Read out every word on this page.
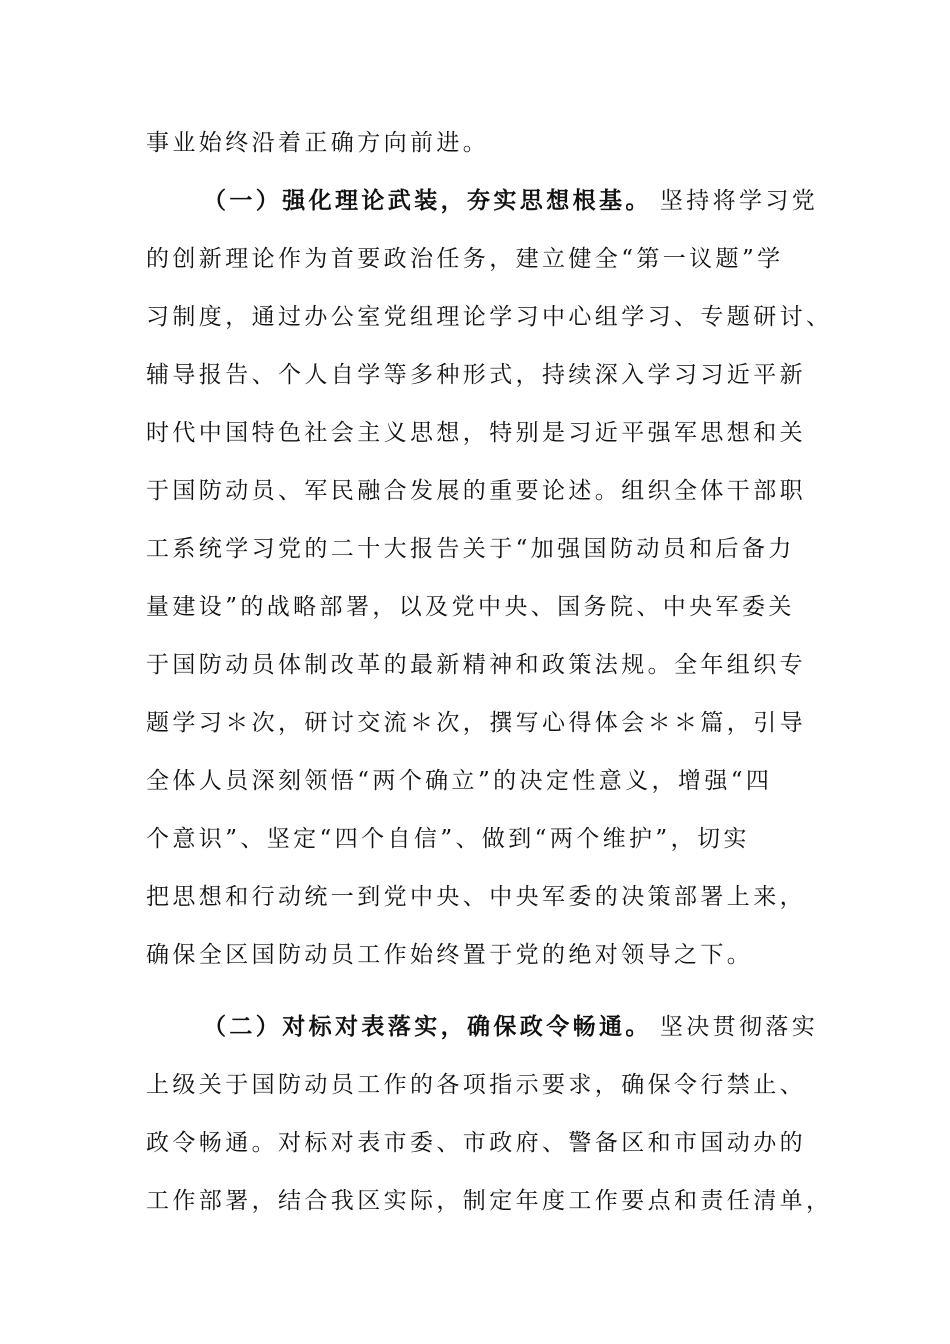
事业始终沿着正确方向前进。
（一）强化理论武装，夯实思想根基。 坚持将学习党
的创新理论作为首要政治任务，建立健全“第一议题”学
习制度，通过办公室党组理论学习中心组学习、专题研讨、
辅导报告、个人自学等多种形式，持续深入学习习近平新
时代中国特色社会主义思想，特别是习近平强军思想和关
于国防动员、军民融合发展的重要论述。组织全体干部职
工系统学习党的二十大报告关于“加强国防动员和后备力
量建设”的战略部署，以及党中央、国务院、中央军委关
于国防动员体制改革的最新精神和政策法规。全年组织专
题学习＊次，研讨交流＊次，撰写心得体会＊＊篇，引导
全体人员深刻领悟“两个确立”的决定性意义，增强“四
个意识”、坚定“四个自信”、做到“两个维护”，切实
把思想和行动统一到党中央、中央军委的决策部署上来，
确保全区国防动员工作始终置于党的绝对领导之下。
（二）对标对表落实，确保政令畅通。 坚决贯彻落实
上级关于国防动员工作的各项指示要求，确保令行禁止、
政令畅通。对标对表市委、市政府、警备区和市国动办的
工作部署，结合我区实际，制定年度工作要点和责任清单，
